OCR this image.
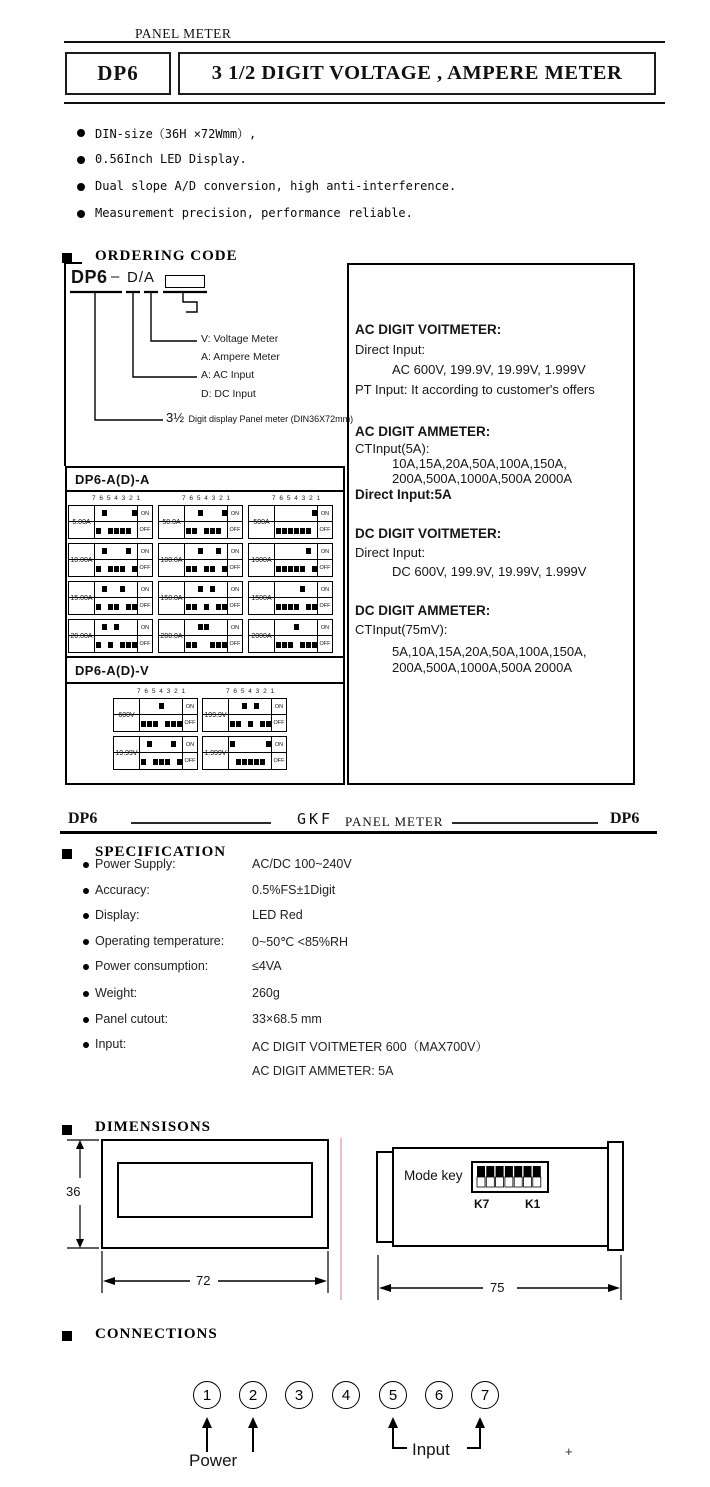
PANEL METER
DP6	3 1/2 DIGIT VOLTAGE , AMPERE METER
DIN-size（36H ×72Wmm）,
0.56Inch LED Display.
Dual slope A/D conversion, high anti-interference.
Measurement precision, performance reliable.
ORDERING CODE
DP6 – D/A
V: Voltage Meter
A: Ampere Meter
A: AC Input
D: DC Input
3½ Digit display Panel meter (DIN36X72mm)
DP6-A(D)-A
7 6 5 4 3 2 1
5.00A
ON
OFF
10.00A
ON
OFF
15.00A
ON
OFF
20.00A
ON
OFF
7 6 5 4 3 2 1
50.0A
ON
OFF
100.0A
ON
OFF
150.0A
ON
OFF
200.0A
ON
OFF
7 6 5 4 3 2 1
500A
ON
OFF
1000A
ON
OFF
1500A
ON
OFF
2000A
ON
OFF
DP6-A(D)-V
7 6 5 4 3 2 1
600V
ON
OFF
19.99V
ON
OFF
7 6 5 4 3 2 1
199.9V
ON
OFF
1.999V
ON
OFF
AC DIGIT VOITMETER:
Direct Input:
AC 600V, 199.9V, 19.99V, 1.999V
PT Input: It according to customer's offers
AC DIGIT AMMETER:
CTInput(5A):
10A,15A,20A,50A,100A,150A,
200A,500A,1000A,500A 2000A
Direct Input:5A
DC DIGIT VOITMETER:
Direct Input:
DC 600V, 199.9V, 19.99V, 1.999V
DC DIGIT AMMETER:
CTInput(75mV):
5A,10A,15A,20A,50A,100A,150A,
200A,500A,1000A,500A 2000A
DP6	GKF PANEL METER	DP6
SPECIFICATION
Power Supply:	AC/DC 100~240V
Accuracy:	0.5%FS±1Digit
Display:	LED Red
Operating temperature: 0~50℃ <85%RH
Power consumption:	≤4VA
Weight:	260g
Panel cutout:	33×68.5 mm
Input:	AC DIGIT VOITMETER 600（MAX700V）
AC DIGIT AMMETER: 5A
DIMENSISONS
36
72	75
Mode key
K7	K1
CONNECTIONS
1	2	3	4	5	6	7
Power
Input	+
